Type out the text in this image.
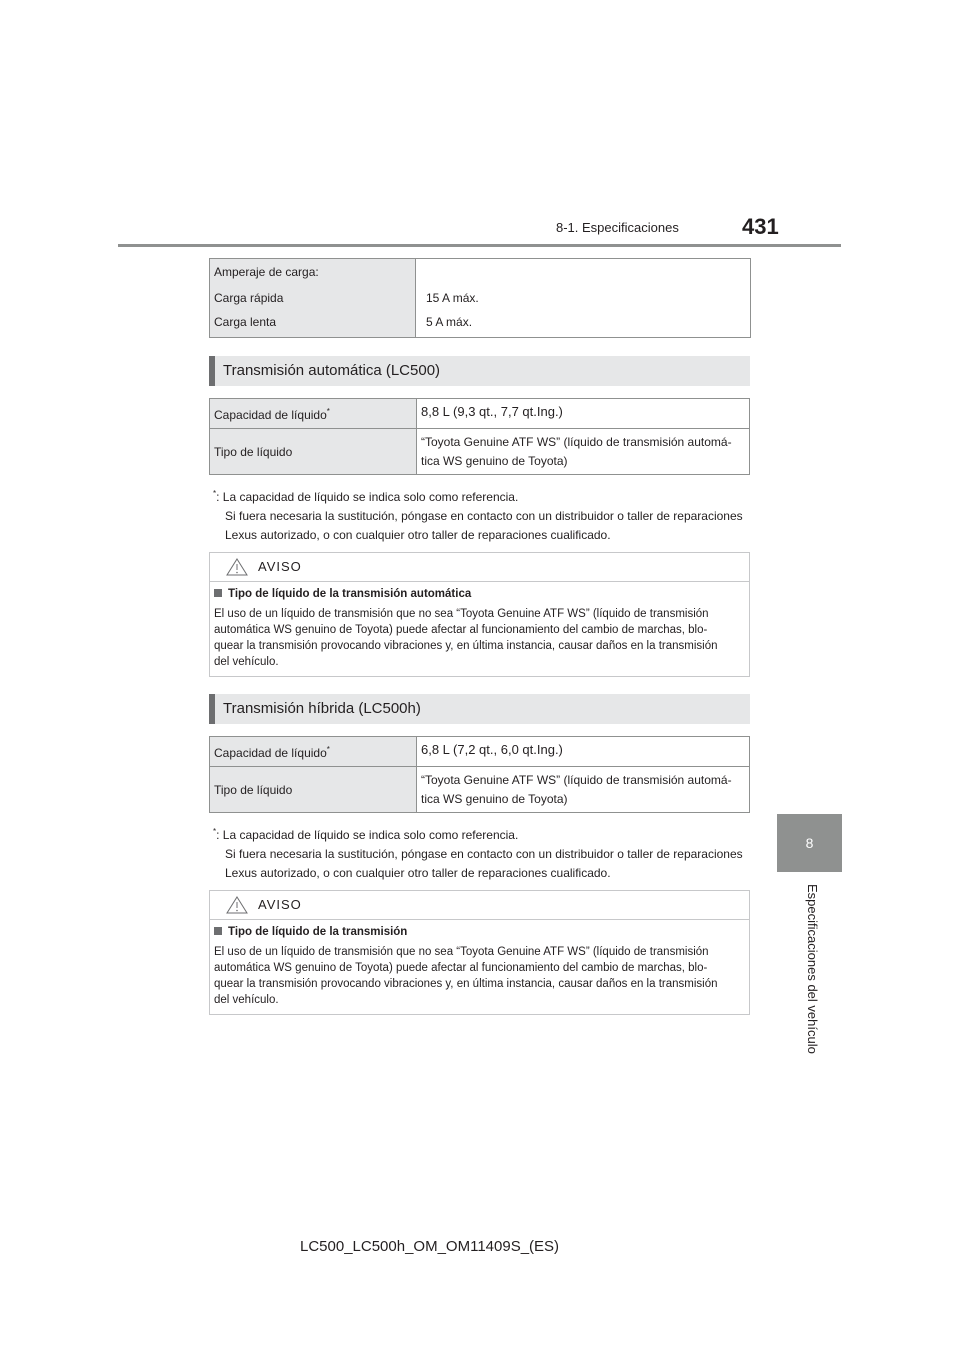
8-1. Especificaciones	431
8
Especificaciones del vehículo
Amperaje de carga:
Carga rápida	15 A máx.
Carga lenta	5 A máx.
Transmisión automática (LC500)
Capacidad de líquido*	8,8 L (9,3 qt., 7,7 qt.Ing.)
Tipo de líquido	“Toyota Genuine ATF WS” (líquido de transmisión automá-
tica WS genuino de Toyota)
*: La capacidad de líquido se indica solo como referencia.
Si fuera necesaria la sustitución, póngase en contacto con un distribuidor o taller de reparaciones
Lexus autorizado, o con cualquier otro taller de reparaciones cualificado.
AVISO
Tipo de líquido de la transmisión automática
El uso de un líquido de transmisión que no sea “Toyota Genuine ATF WS” (líquido de transmisión
automática WS genuino de Toyota) puede afectar al funcionamiento del cambio de marchas, blo-
quear la transmisión provocando vibraciones y, en última instancia, causar daños en la transmisión
del vehículo.
Transmisión híbrida (LC500h)
Capacidad de líquido*	6,8 L (7,2 qt., 6,0 qt.Ing.)
Tipo de líquido	“Toyota Genuine ATF WS” (líquido de transmisión automá-
tica WS genuino de Toyota)
*: La capacidad de líquido se indica solo como referencia.
Si fuera necesaria la sustitución, póngase en contacto con un distribuidor o taller de reparaciones
Lexus autorizado, o con cualquier otro taller de reparaciones cualificado.
AVISO
Tipo de líquido de la transmisión
El uso de un líquido de transmisión que no sea “Toyota Genuine ATF WS” (líquido de transmisión
automática WS genuino de Toyota) puede afectar al funcionamiento del cambio de marchas, blo-
quear la transmisión provocando vibraciones y, en última instancia, causar daños en la transmisión
del vehículo.
LC500_LC500h_OM_OM11409S_(ES)
